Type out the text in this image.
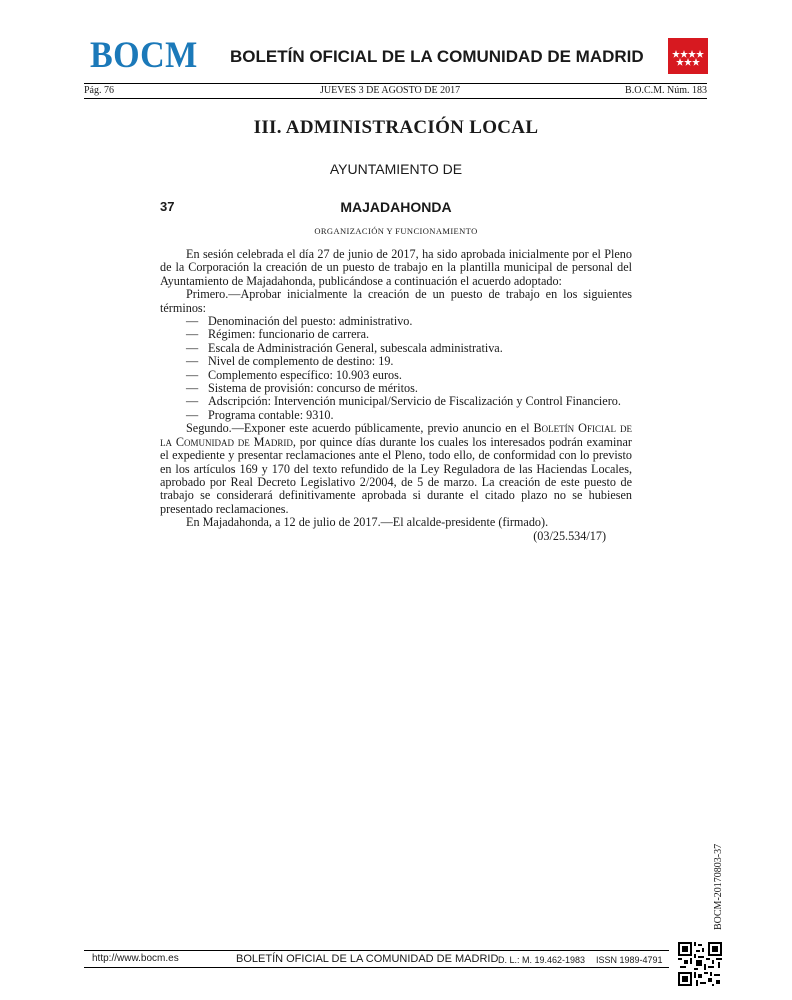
BOCM BOLETÍN OFICIAL DE LA COMUNIDAD DE MADRID
Pág. 76	JUEVES 3 DE AGOSTO DE 2017	B.O.C.M. Núm. 183
III. ADMINISTRACIÓN LOCAL
AYUNTAMIENTO DE
37	MAJADAHONDA
ORGANIZACIÓN Y FUNCIONAMIENTO

En sesión celebrada el día 27 de junio de 2017, ha sido aprobada inicialmente por el Pleno de la Corporación la creación de un puesto de trabajo en la plantilla municipal de personal del Ayuntamiento de Majadahonda, publicándose a continuación el acuerdo adoptado:

Primero.—Aprobar inicialmente la creación de un puesto de trabajo en los siguientes términos:

— Denominación del puesto: administrativo.
— Régimen: funcionario de carrera.
— Escala de Administración General, subescala administrativa.
— Nivel de complemento de destino: 19.
— Complemento específico: 10.903 euros.
— Sistema de provisión: concurso de méritos.
— Adscripción: Intervención municipal/Servicio de Fiscalización y Control Financiero.
— Programa contable: 9310.

Segundo.—Exponer este acuerdo públicamente, previo anuncio en el Boletín Oficial de la Comunidad de Madrid, por quince días durante los cuales los interesados podrán examinar el expediente y presentar reclamaciones ante el Pleno, todo ello, de conformidad con lo previsto en los artículos 169 y 170 del texto refundido de la Ley Reguladora de las Haciendas Locales, aprobado por Real Decreto Legislativo 2/2004, de 5 de marzo. La creación de este puesto de trabajo se considerará definitivamente aprobada si durante el citado plazo no se hubiesen presentado reclamaciones.

En Majadahonda, a 12 de julio de 2017.—El alcalde-presidente (firmado).

(03/25.534/17)
BOCM-20170803-37
http://www.bocm.es	BOLETÍN OFICIAL DE LA COMUNIDAD DE MADRID D. L.: M. 19.462-1983 ISSN 1989-4791
